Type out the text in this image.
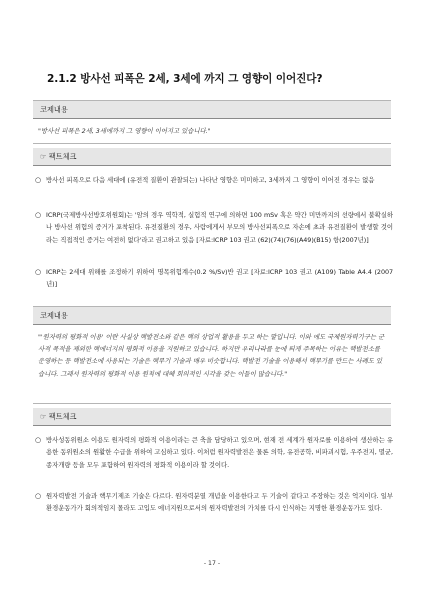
2.1.2 방사선 피폭은 2세, 3세에 까지 그 영향이 이어진다?
코제내용
"방사선 피폭은 2세, 3세에까지 그 영향이 이어지고 있습니다."
☞ 팩트체크
○ 방사선 피폭으로 다음 세대에 (유전적 질환이 관찰되는) 나타난 영향은 미미하고, 3세까지 그 영향이 이어진 경우는 없음
○ ICRP(국제방사선방호위원회)는 '암의 경우 역학적, 실험적 연구에 의하면 100 mSv 혹은 약간 미만까지의 선량에서 불확실하나 방사선 위험의 증거가 포착된다. 유전질환의 경우, 사람에게서 부모의 방사선피폭으로 자손에 초과 유전질환이 발생할 것이라는 직접적인 증거는 여전히 없다'라고 권고하고 있음 [자료:ICRP 103 권고 (62)(74)(76)(A49)(B15) 항(2007년)]
○ ICRP는 2세대 위해를 조정하기 위하여 명목위험계수(0.2 %/Sv)반 권고 [자료:ICRP 103 권고 (A109) Table A4.4 (2007년)]
코제내용
"'원자력의 평화적 이용' 이란 사실상 핵발전소와 같은 핵의 상업적 활용을 두고 하는 말입니다. 이와 에도 국제원자력기구는 군사적 목적을 제외한 핵에너지의 평화적 이용을 지원하고 있습니다. 하지만 우리나라를 눈에 띄게 주목하는 이유는 핵발전소를 운영하는 등 핵발전소에 사용되는 기술은 핵무기 기술과 매우 비슷합니다. 핵발전 기술을 이용해서 핵무기를 만드는 사례도 있습니다. 그래서 원자력의 평화적 이용 원칙에 대해 회의적인 시각을 갖는 이들이 많습니다."
☞ 팩트체크
○ 방사성동위원소 이용도 원자력의 평화적 이용이라는 큰 축을 담당하고 있으며, 현재 전 세계가 원자로를 이용하여 생산하는 유용한 동위원소의 원활한 수급을 위하여 고심하고 있다. 이처럼 원자력발전은 물론 의학, 유전공학, 비파괴시험, 우주전지, 멸균, 종자개량 등을 모두 포함하여 원자력의 평화적 이용이라 할 것이다.
○ 원자력발전 기술과 핵무기제조 기술은 다르다. 원자력분열 개념을 이용한다고 두 기술이 같다고 주장하는 것은 억지이다. 일부 환경운동가가 회의적임지 몰라도 고입도 에너지원으로서의 원자력발전의 가치를 다시 인식하는 지명한 환경운동가도 있다.
- 17 -
